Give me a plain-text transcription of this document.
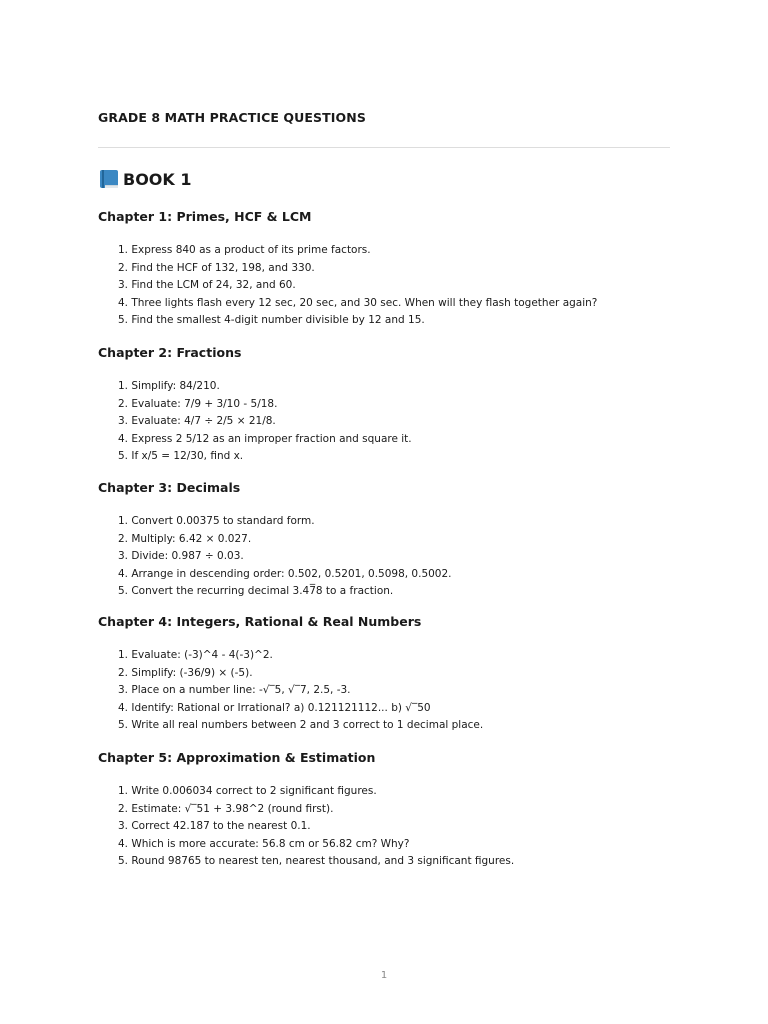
GRADE 8 MATH PRACTICE QUESTIONS
BOOK 1
Chapter 1: Primes, HCF & LCM
1. Express 840 as a product of its prime factors.
2. Find the HCF of 132, 198, and 330.
3. Find the LCM of 24, 32, and 60.
4. Three lights flash every 12 sec, 20 sec, and 30 sec. When will they flash together again?
5. Find the smallest 4-digit number divisible by 12 and 15.
Chapter 2: Fractions
1. Simplify: 84/210.
2. Evaluate: 7/9 + 3/10 - 5/18.
3. Evaluate: 4/7 ÷ 2/5 × 21/8.
4. Express 2 5/12 as an improper fraction and square it.
5. If x/5 = 12/30, find x.
Chapter 3: Decimals
1. Convert 0.00375 to standard form.
2. Multiply: 6.42 × 0.027.
3. Divide: 0.987 ÷ 0.03.
4. Arrange in descending order: 0.502, 0.5201, 0.5098, 0.5002.
5. Convert the recurring decimal 3.47̅8 to a fraction.
Chapter 4: Integers, Rational & Real Numbers
1. Evaluate: (-3)^4 - 4(-3)^2.
2. Simplify: (-36/9) × (-5).
3. Place on a number line: -√‾5, √‾7, 2.5, -3.
4. Identify: Rational or Irrational? a) 0.121121112... b) √‾50
5. Write all real numbers between 2 and 3 correct to 1 decimal place.
Chapter 5: Approximation & Estimation
1. Write 0.006034 correct to 2 significant figures.
2. Estimate: √‾51 + 3.98^2 (round first).
3. Correct 42.187 to the nearest 0.1.
4. Which is more accurate: 56.8 cm or 56.82 cm? Why?
5. Round 98765 to nearest ten, nearest thousand, and 3 significant figures.
1
